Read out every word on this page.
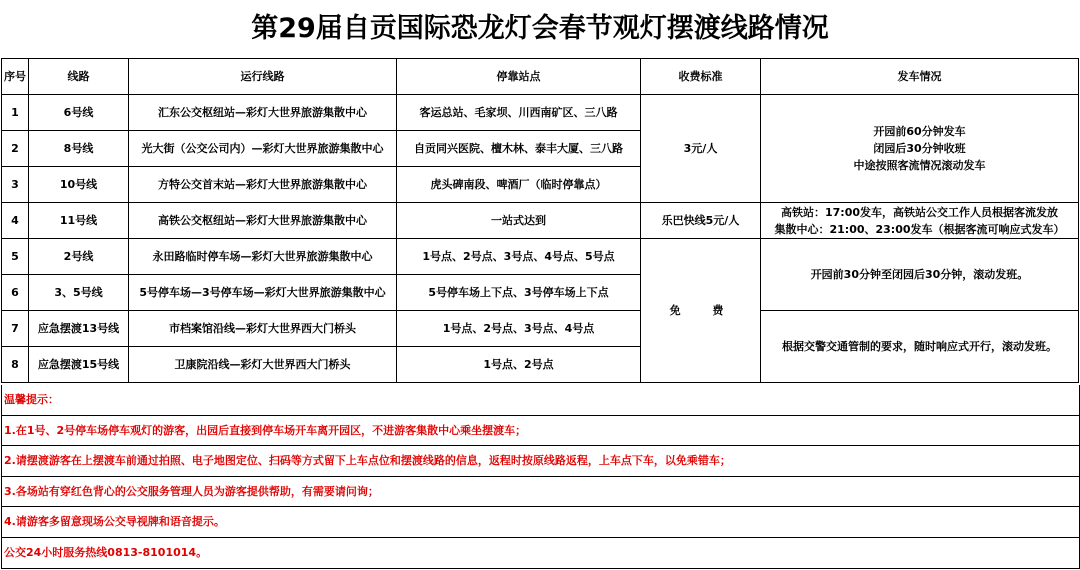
第29届自贡国际恐龙灯会春节观灯摆渡线路情况
序号	线路	运行线路	停靠站点	收费标准	发车情况
1	6号线	汇东公交枢纽站—彩灯大世界旅游集散中心	客运总站、毛家坝、川西南矿区、三八路	3元/人	开园前60分钟发车
闭园后30分钟收班
中途按照客流情况滚动发车

2	8号线	光大街（公交公司内）—彩灯大世界旅游集散中心	自贡同兴医院、檀木林、泰丰大厦、三八路		
3	10号线	方特公交首末站—彩灯大世界旅游集散中心	虎头碑南段、啤酒厂（临时停靠点）		
4	11号线	高铁公交枢纽站—彩灯大世界旅游集散中心	一站式达到	乐巴快线5元/人	高铁站：17:00发车，高铁站公交工作人员根据客流发放
集散中心：21:00、23:00发车（根据客流可响应式发车）

5	2号线	永田路临时停车场—彩灯大世界旅游集散中心	1号点、2号点、3号点、4号点、5号点	免  费	开园前30分钟至闭园后30分钟，滚动发班。
6	3、5号线	5号停车场—3号停车场—彩灯大世界旅游集散中心	5号停车场上下点、3号停车场上下点		
7	应急摆渡13号线	市档案馆沿线—彩灯大世界西大门桥头	1号点、2号点、3号点、4号点		根据交警交通管制的要求，随时响应式开行，滚动发班。
8	应急摆渡15号线	卫康院沿线—彩灯大世界西大门桥头	1号点、2号点		
温馨提示：
1.在1号、2号停车场停车观灯的游客，出园后直接到停车场开车离开园区，不进游客集散中心乘坐摆渡车；
2.请摆渡游客在上摆渡车前通过拍照、电子地图定位、扫码等方式留下上车点位和摆渡线路的信息，返程时按原线路返程，上车点下车，以免乘错车；
3.各场站有穿红色背心的公交服务管理人员为游客提供帮助，有需要请问询；
4.请游客多留意现场公交导视牌和语音提示。
公交24小时服务热线0813-8101014。
